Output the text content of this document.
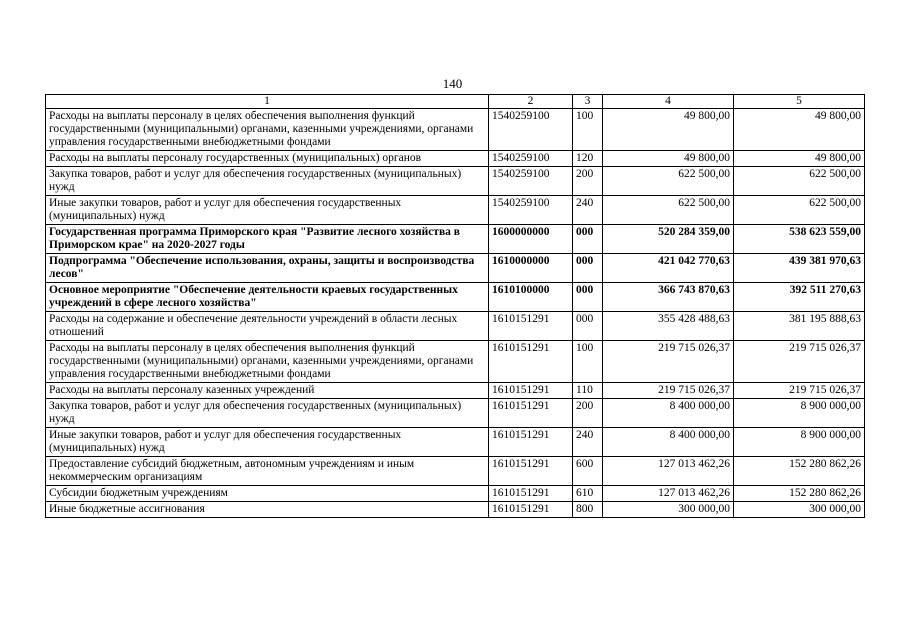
140
1	2	3	4	5
Расходы на выплаты персоналу в целях обеспечения выполнения функций государственными (муниципальными) органами, казенными учреждениями, органами управления государственными внебюджетными фондами	1540259100	100	49 800,00	49 800,00
Расходы на выплаты персоналу государственных (муниципальных) органов	1540259100	120	49 800,00	49 800,00
Закупка товаров, работ и услуг для обеспечения государственных (муниципальных) нужд	1540259100	200	622 500,00	622 500,00
Иные закупки товаров, работ и услуг для обеспечения государственных (муниципальных) нужд	1540259100	240	622 500,00	622 500,00
Государственная программа Приморского края "Развитие лесного хозяйства в Приморском крае" на 2020-2027 годы	1600000000	000	520 284 359,00	538 623 559,00
Подпрограмма "Обеспечение использования, охраны, защиты и воспроизводства лесов"	1610000000	000	421 042 770,63	439 381 970,63
Основное мероприятие "Обеспечение деятельности краевых государственных учреждений в сфере лесного хозяйства"	1610100000	000	366 743 870,63	392 511 270,63
Расходы на содержание и обеспечение деятельности учреждений в области лесных отношений	1610151291	000	355 428 488,63	381 195 888,63
Расходы на выплаты персоналу в целях обеспечения выполнения функций государственными (муниципальными) органами, казенными учреждениями, органами управления государственными внебюджетными фондами	1610151291	100	219 715 026,37	219 715 026,37
Расходы на выплаты персоналу казенных учреждений	1610151291	110	219 715 026,37	219 715 026,37
Закупка товаров, работ и услуг для обеспечения государственных (муниципальных) нужд	1610151291	200	8 400 000,00	8 900 000,00
Иные закупки товаров, работ и услуг для обеспечения государственных (муниципальных) нужд	1610151291	240	8 400 000,00	8 900 000,00
Предоставление субсидий бюджетным, автономным учреждениям и иным некоммерческим организациям	1610151291	600	127 013 462,26	152 280 862,26
Субсидии бюджетным учреждениям	1610151291	610	127 013 462,26	152 280 862,26
Иные бюджетные ассигнования	1610151291	800	300 000,00	300 000,00
